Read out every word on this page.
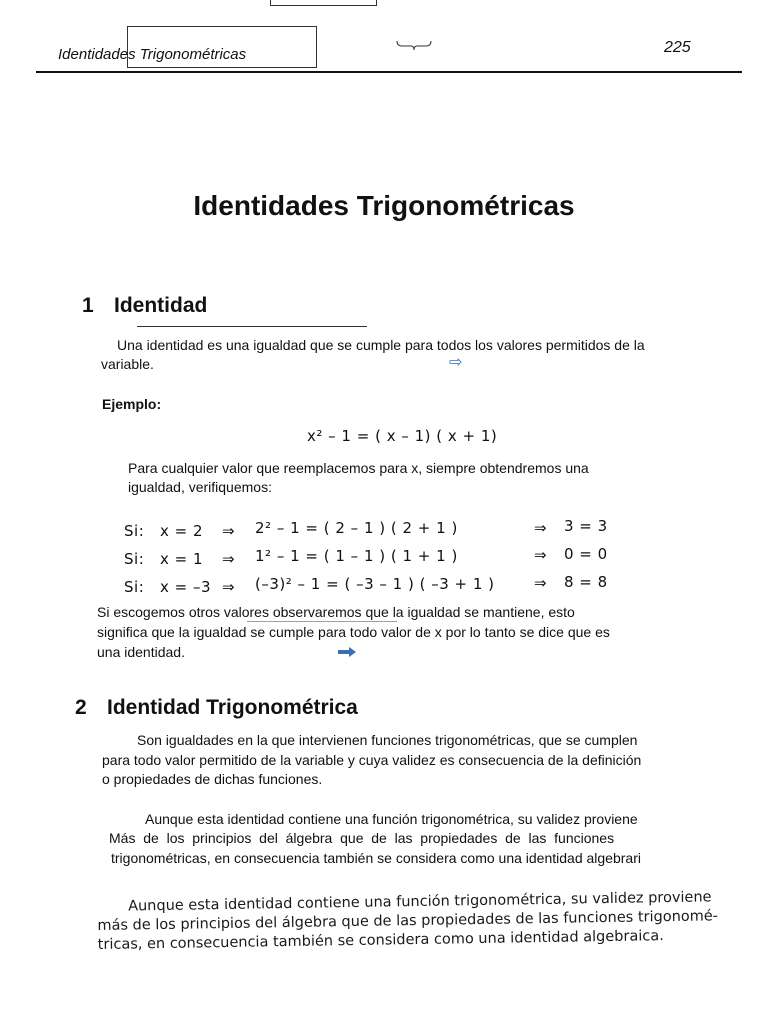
Identidades Trigonométricas	225
Identidades Trigonométricas
1 Identidad
Una identidad es una igualdad que se cumple para todos los valores permitidos de la
variable.	⇨
Ejemplo:
x² – 1 = ( x – 1) ( x + 1)
Para cualquier valor que reemplacemos para x, siempre obtendremos una
igualdad, verifiquemos:
Si: x = 2 ⇒ 2² – 1 = ( 2 – 1 ) ( 2 + 1 )	⇒ 3 = 3
Si: x = 1 ⇒ 1² – 1 = ( 1 – 1 ) ( 1 + 1 )	⇒ 0 = 0
Si: x = –3 ⇒ (–3)² – 1 = ( –3 – 1 ) ( –3 + 1 )	⇒ 8 = 8
Si escogemos otros valores observaremos que la igualdad se mantiene, esto
significa que la igualdad se cumple para todo valor de x por lo tanto se dice que es
una identidad.
2 Identidad Trigonométrica
Son igualdades en la que intervienen funciones trigonométricas, que se cumplen
para todo valor permitido de la variable y cuya validez es consecuencia de la definición
o propiedades de dichas funciones.
Aunque esta identidad contiene una función trigonométrica, su validez proviene
Más  de  los  principios  del  álgebra  que  de  las  propiedades  de  las  funciones
trigonométricas, en consecuencia también se considera como una identidad algebrari
Aunque esta identidad contiene una función trigonométrica, su validez proviene
más de los principios del álgebra que de las propiedades de las funciones trigonomé-
tricas, en consecuencia también se considera como una identidad algebraica.
